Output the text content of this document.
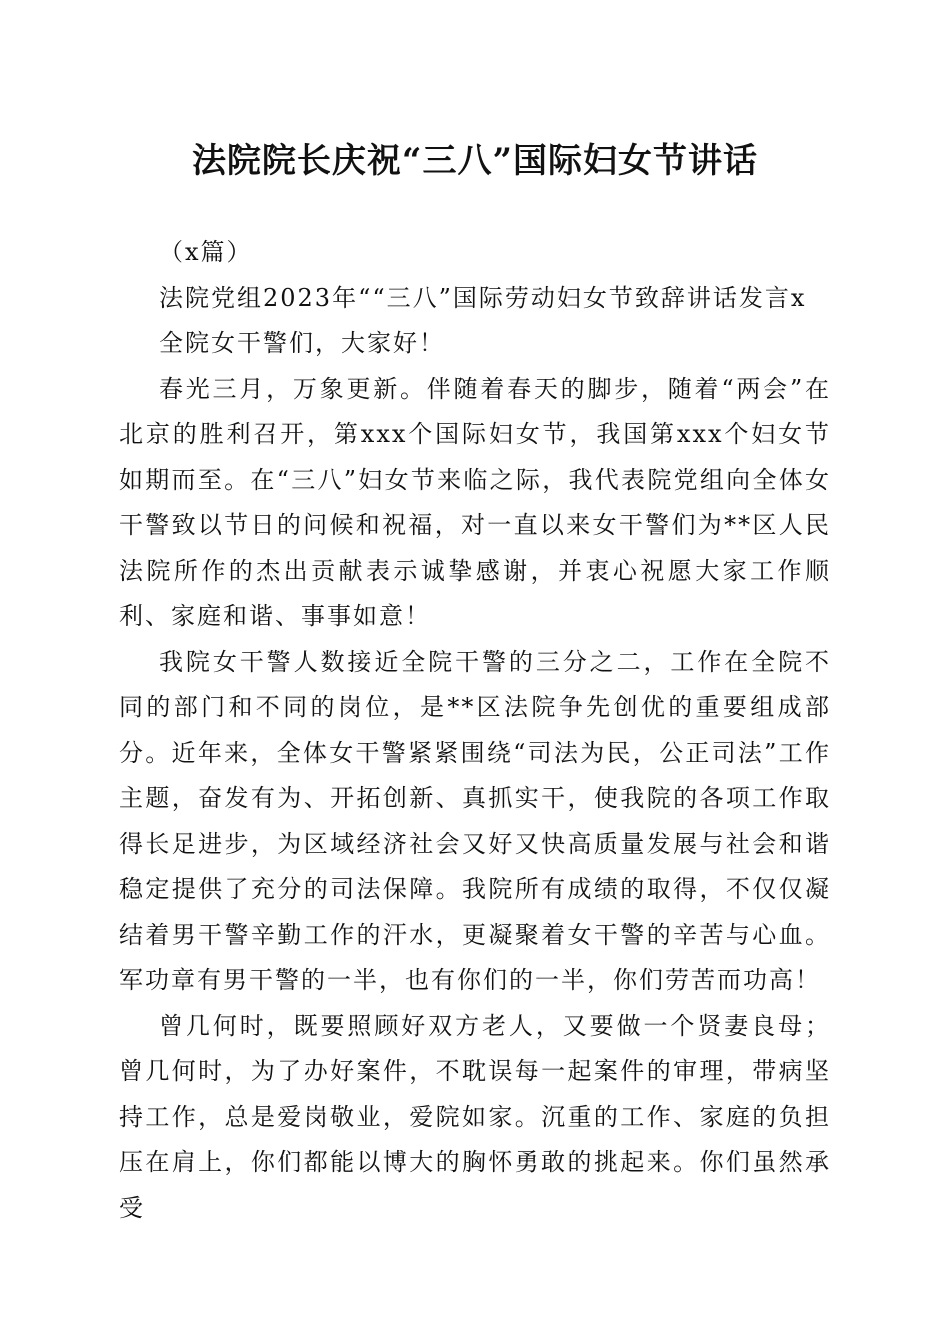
法院院长庆祝“三八”国际妇女节讲话

（x篇）

法院党组2023年““三八”国际劳动妇女节致辞讲话发言x

全院女干警们，大家好！

春光三月，万象更新。伴随着春天的脚步，随着“两会”在北京的胜利召开，第xxx个国际妇女节，我国第xxx个妇女节如期而至。在“三八”妇女节来临之际，我代表院党组向全体女干警致以节日的问候和祝福，对一直以来女干警们为**区人民法院所作的杰出贡献表示诚挚感谢，并衷心祝愿大家工作顺利、家庭和谐、事事如意！

我院女干警人数接近全院干警的三分之二，工作在全院不同的部门和不同的岗位，是**区法院争先创优的重要组成部分。近年来，全体女干警紧紧围绕“司法为民，公正司法”工作主题，奋发有为、开拓创新、真抓实干，使我院的各项工作取得长足进步，为区域经济社会又好又快高质量发展与社会和谐稳定提供了充分的司法保障。我院所有成绩的取得，不仅仅凝结着男干警辛勤工作的汗水，更凝聚着女干警的辛苦与心血。军功章有男干警的一半，也有你们的一半，你们劳苦而功高！

曾几何时，既要照顾好双方老人，又要做一个贤妻良母；曾几何时，为了办好案件，不耽误每一起案件的审理，带病坚持工作，总是爱岗敬业，爱院如家。沉重的工作、家庭的负担压在肩上，你们都能以博大的胸怀勇敢的挑起来。你们虽然承受
